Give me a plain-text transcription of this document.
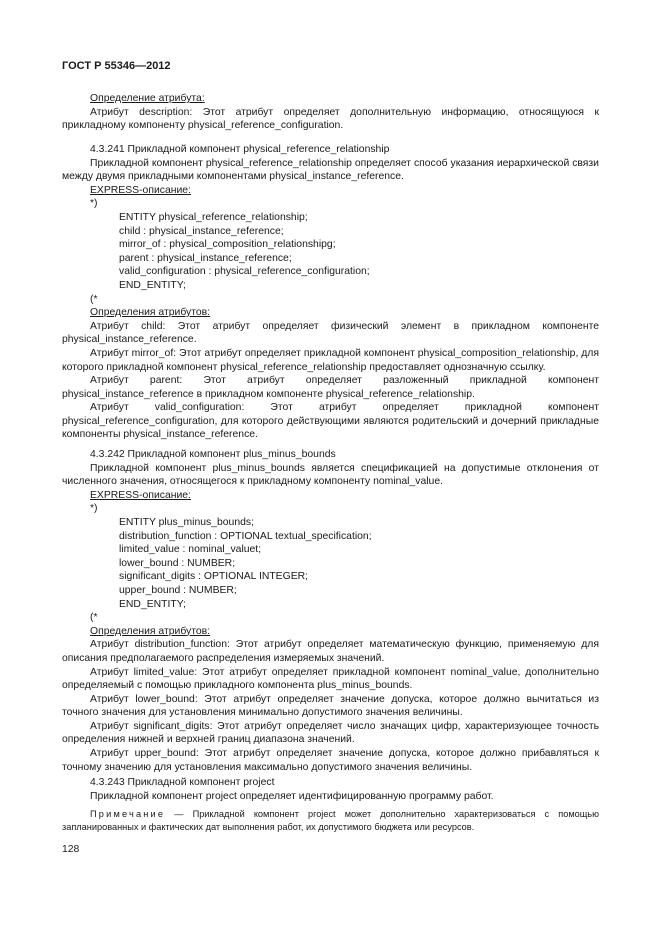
ГОСТ Р 55346—2012
Определение атрибута:

Атрибут description: Этот атрибут определяет дополнительную информацию, относящуюся к прикладному компоненту physical_reference_configuration.

4.3.241 Прикладной компонент physical_reference_relationship

Прикладной компонент physical_reference_relationship определяет способ указания иерархической связи между двумя прикладными компонентами physical_instance_reference.

EXPRESS-описание:
*)
ENTITY physical_reference_relationship;
child : physical_instance_reference;
mirror_of : physical_composition_relationshipg;
parent : physical_instance_reference;
valid_configuration : physical_reference_configuration;
END_ENTITY;
(*
Определения атрибутов:

Атрибут child: Этот атрибут определяет физический элемент в прикладном компоненте physical_instance_reference.

Атрибут mirror_of: Этот атрибут определяет прикладной компонент physical_composition_relationship, для которого прикладной компонент physical_reference_relationship предоставляет однозначную ссылку.

Атрибут parent: Этот атрибут определяет разложенный прикладной компонент physical_instance_reference в прикладном компоненте physical_reference_relationship.

Атрибут valid_configuration: Этот атрибут определяет прикладной компонент physical_reference_configuration, для которого действующими являются родительский и дочерний прикладные компоненты physical_instance_reference.

4.3.242 Прикладной компонент plus_minus_bounds

Прикладной компонент plus_minus_bounds является спецификацией на допустимые отклонения от численного значения, относящегося к прикладному компоненту nominal_value.

EXPRESS-описание:
*)
ENTITY plus_minus_bounds;
distribution_function : OPTIONAL textual_specification;
limited_value : nominal_valuet;
lower_bound : NUMBER;
significant_digits : OPTIONAL INTEGER;
upper_bound : NUMBER;
END_ENTITY;
(*
Определения атрибутов:

Атрибут distribution_function: Этот атрибут определяет математическую функцию, применяемую для описания предполагаемого распределения измеряемых значений.

Атрибут limited_value: Этот атрибут определяет прикладной компонент nominal_value, дополнительно определяемый с помощью прикладного компонента plus_minus_bounds.

Атрибут lower_bound: Этот атрибут определяет значение допуска, которое должно вычитаться из точного значения для установления минимально допустимого значения величины.

Атрибут significant_digits: Этот атрибут определяет число значащих цифр, характеризующее точность определения нижней и верхней границ диапазона значений.

Атрибут upper_bound: Этот атрибут определяет значение допуска, которое должно прибавляться к точному значению для установления максимально допустимого значения величины.

4.3.243 Прикладной компонент project

Прикладной компонент project определяет идентифицированную программу работ.

Примечание — Прикладной компонент project может дополнительно характеризоваться с помощью запланированных и фактических дат выполнения работ, их допустимого бюджета или ресурсов.

128
